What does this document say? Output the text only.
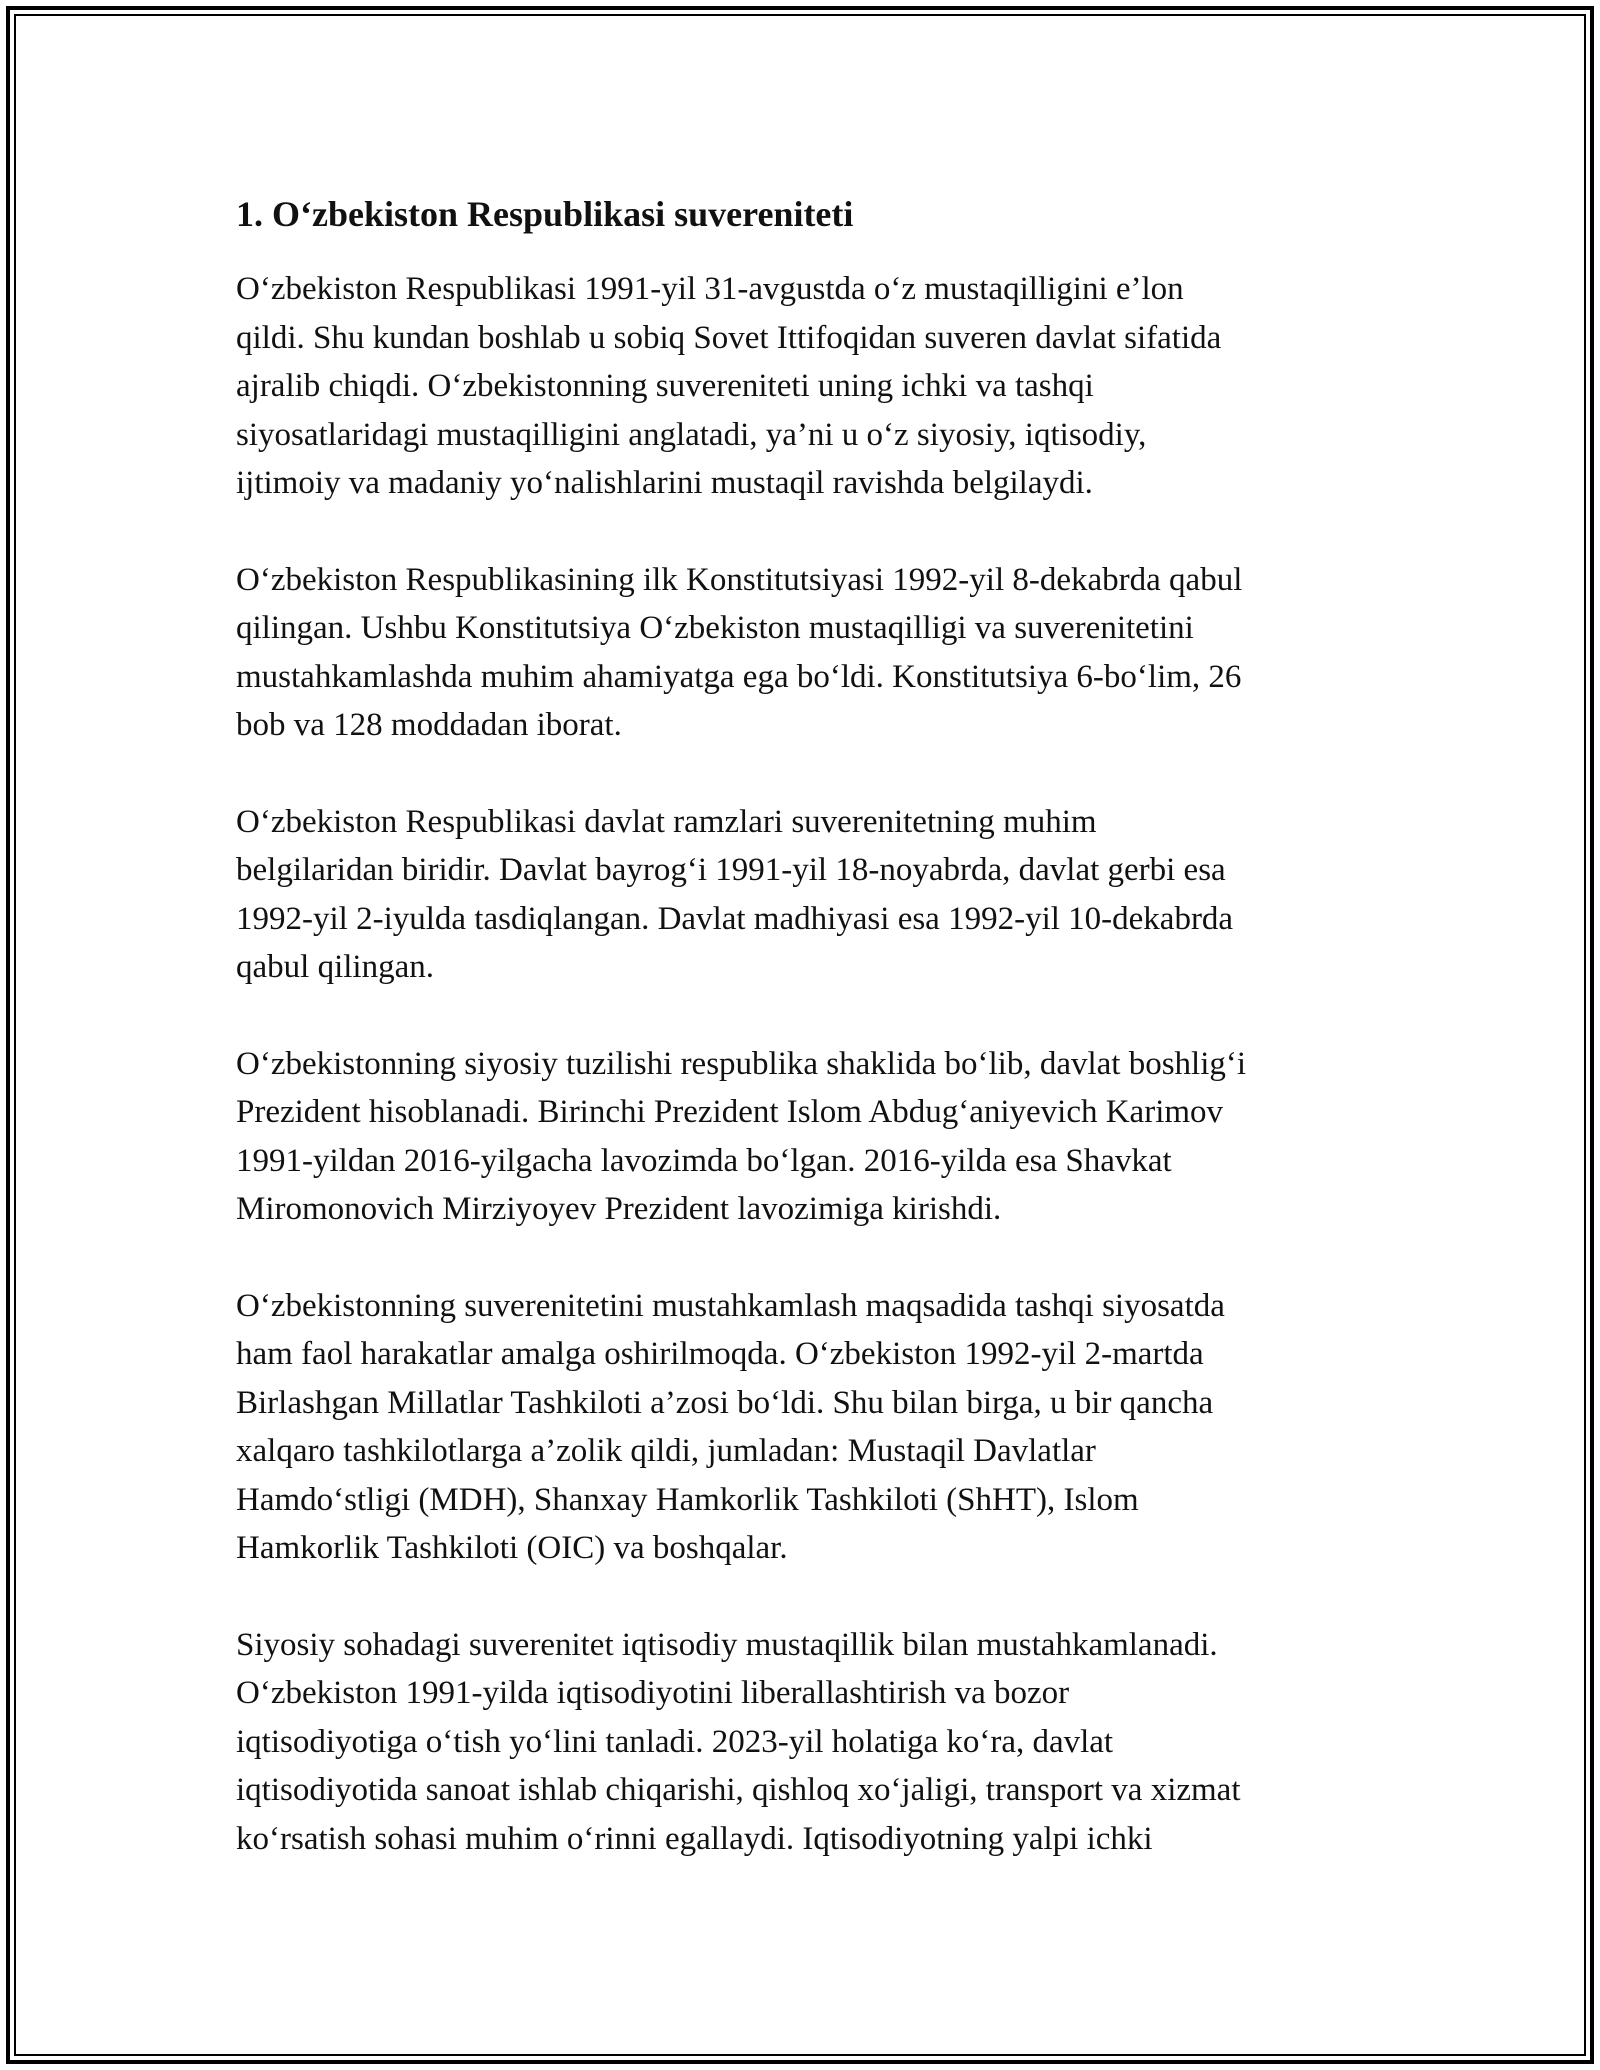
1. O‘zbekiston Respublikasi suvereniteti

O‘zbekiston Respublikasi 1991-yil 31-avgustda o‘z mustaqilligini e’lon
qildi. Shu kundan boshlab u sobiq Sovet Ittifoqidan suveren davlat sifatida
ajralib chiqdi. O‘zbekistonning suvereniteti uning ichki va tashqi
siyosatlaridagi mustaqilligini anglatadi, ya’ni u o‘z siyosiy, iqtisodiy,
ijtimoiy va madaniy yo‘nalishlarini mustaqil ravishda belgilaydi.

O‘zbekiston Respublikasining ilk Konstitutsiyasi 1992-yil 8-dekabrda qabul
qilingan. Ushbu Konstitutsiya O‘zbekiston mustaqilligi va suverenitetini
mustahkamlashda muhim ahamiyatga ega bo‘ldi. Konstitutsiya 6-bo‘lim, 26
bob va 128 moddadan iborat.

O‘zbekiston Respublikasi davlat ramzlari suverenitetning muhim
belgilaridan biridir. Davlat bayrog‘i 1991-yil 18-noyabrda, davlat gerbi esa
1992-yil 2-iyulda tasdiqlangan. Davlat madhiyasi esa 1992-yil 10-dekabrda
qabul qilingan.

O‘zbekistonning siyosiy tuzilishi respublika shaklida bo‘lib, davlat boshlig‘i
Prezident hisoblanadi. Birinchi Prezident Islom Abdug‘aniyevich Karimov
1991-yildan 2016-yilgacha lavozimda bo‘lgan. 2016-yilda esa Shavkat
Miromonovich Mirziyoyev Prezident lavozimiga kirishdi.

O‘zbekistonning suverenitetini mustahkamlash maqsadida tashqi siyosatda
ham faol harakatlar amalga oshirilmoqda. O‘zbekiston 1992-yil 2-martda
Birlashgan Millatlar Tashkiloti a’zosi bo‘ldi. Shu bilan birga, u bir qancha
xalqaro tashkilotlarga a’zolik qildi, jumladan: Mustaqil Davlatlar
Hamdo‘stligi (MDH), Shanxay Hamkorlik Tashkiloti (ShHT), Islom
Hamkorlik Tashkiloti (OIC) va boshqalar.

Siyosiy sohadagi suverenitet iqtisodiy mustaqillik bilan mustahkamlanadi.
O‘zbekiston 1991-yilda iqtisodiyotini liberallashtirish va bozor
iqtisodiyotiga o‘tish yo‘lini tanladi. 2023-yil holatiga ko‘ra, davlat
iqtisodiyotida sanoat ishlab chiqarishi, qishloq xo‘jaligi, transport va xizmat
ko‘rsatish sohasi muhim o‘rinni egallaydi. Iqtisodiyotning yalpi ichki
